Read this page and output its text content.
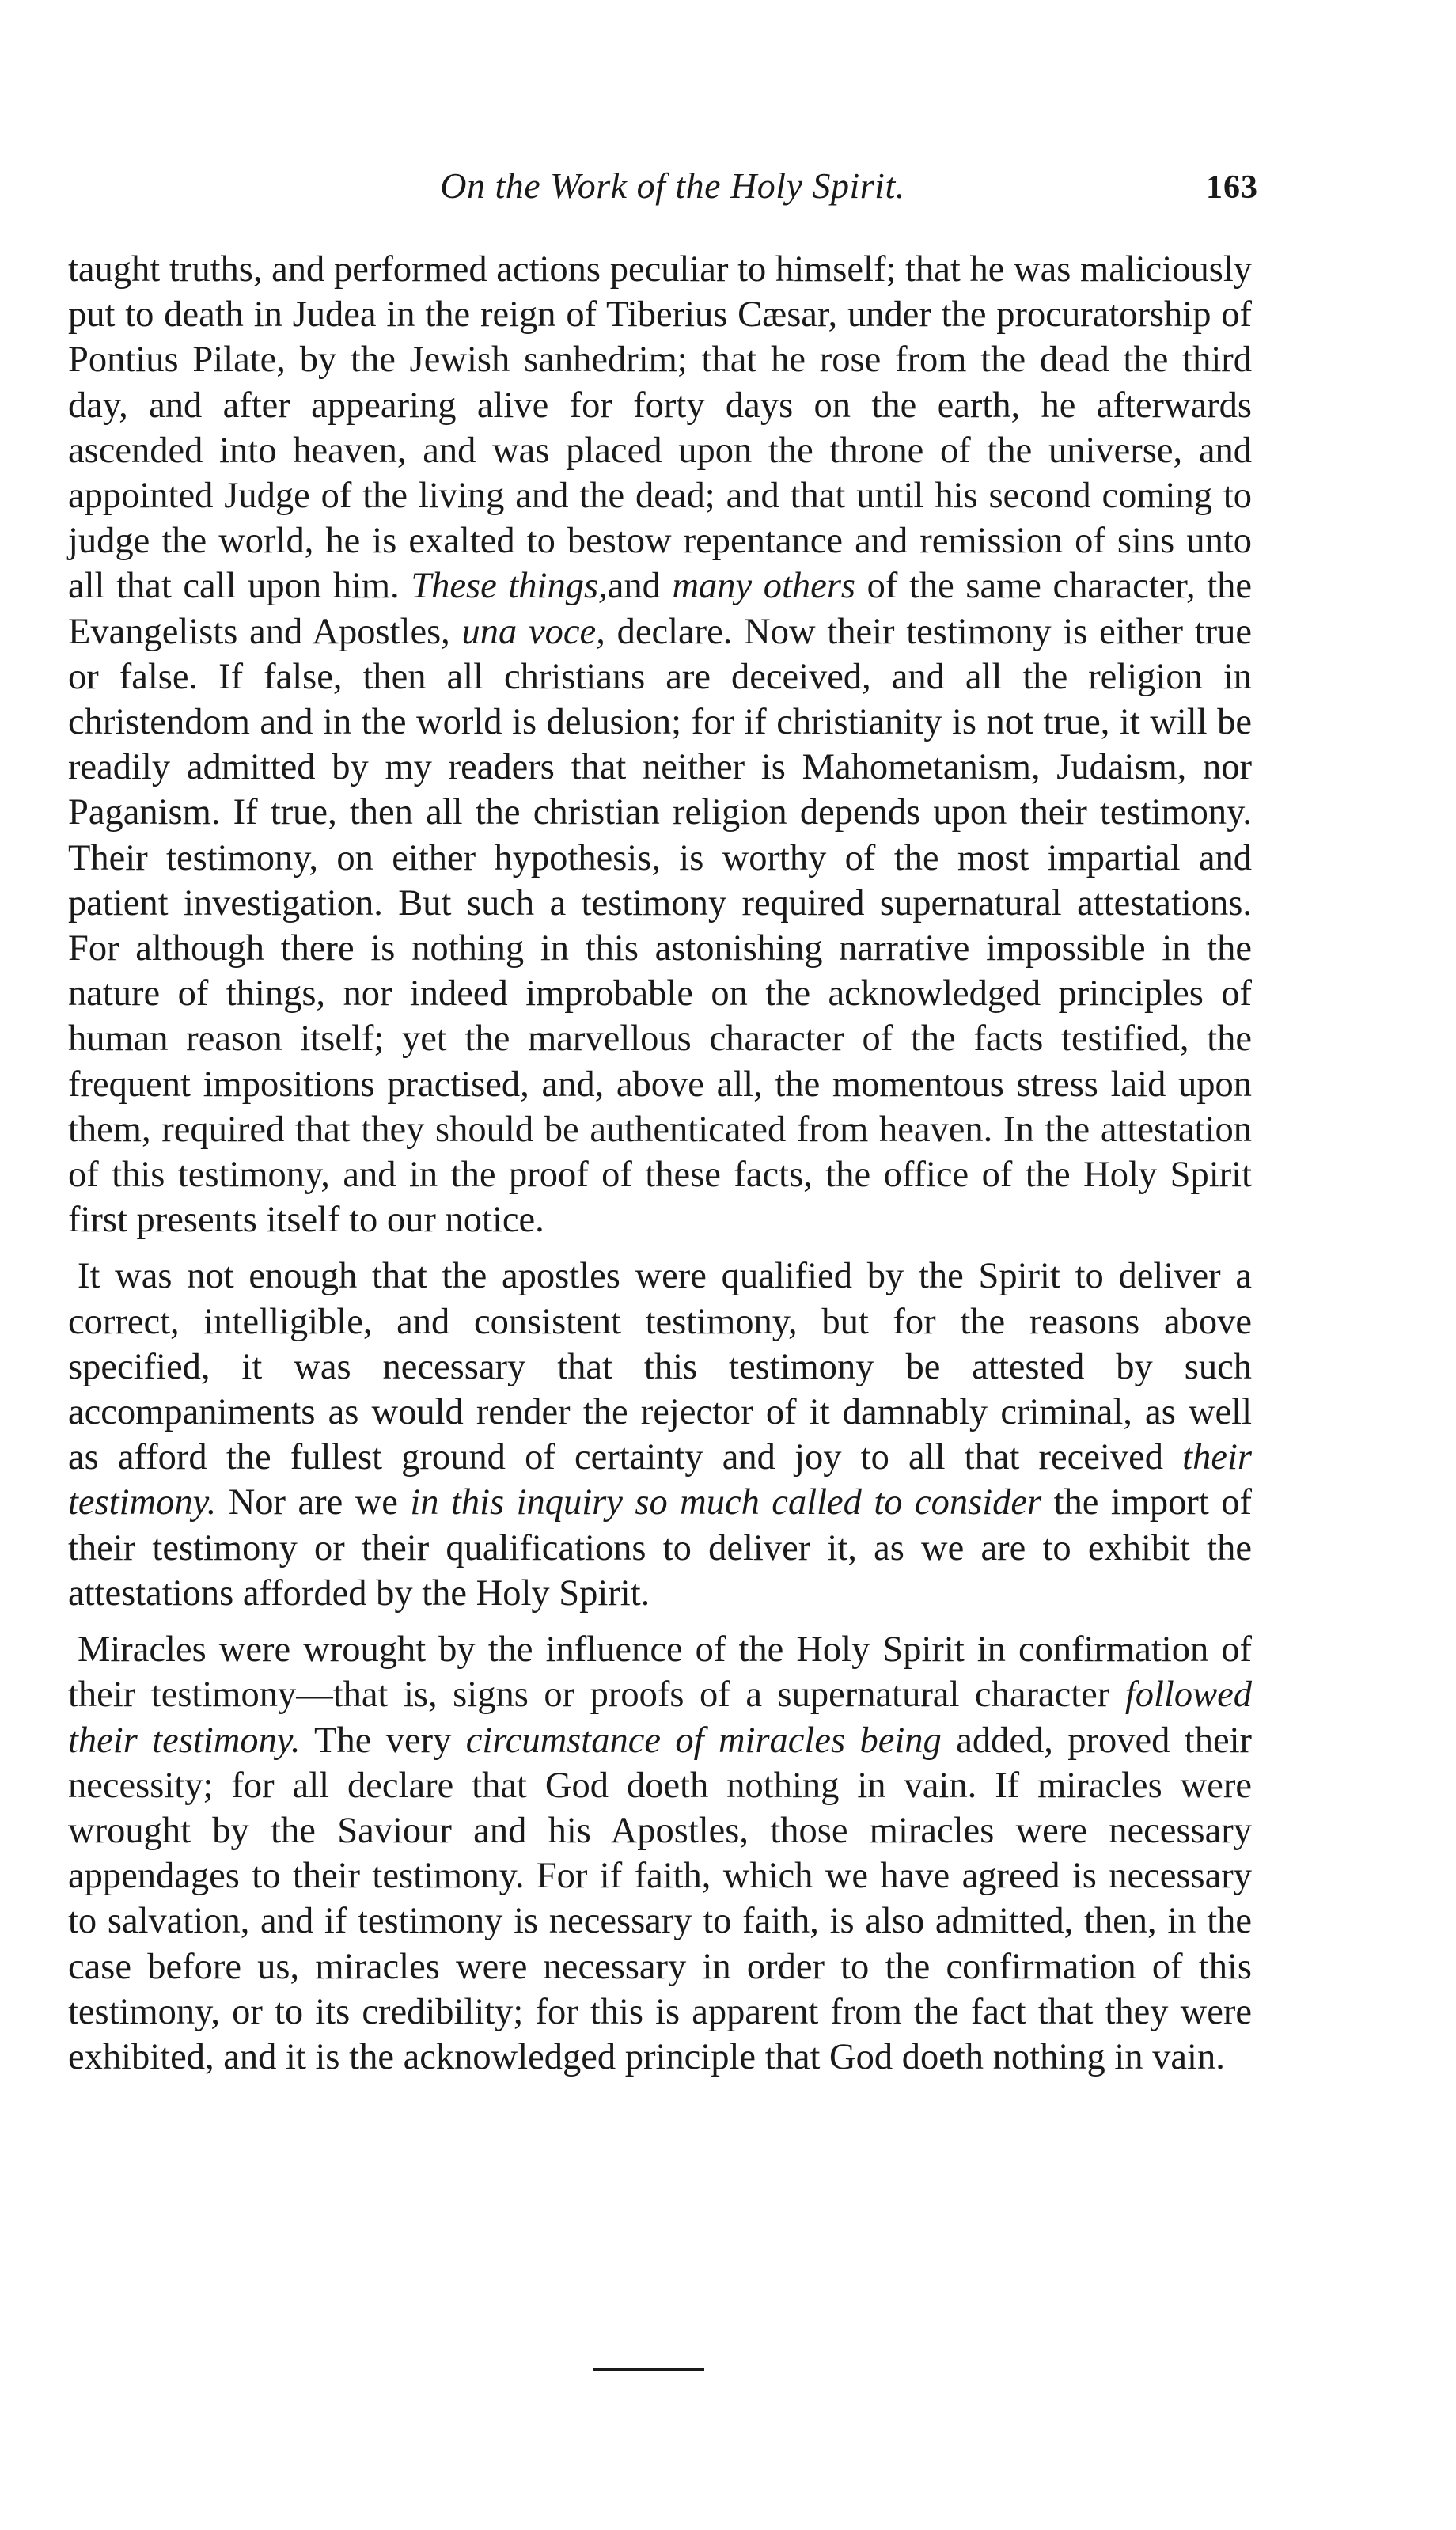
On the Work of the Holy Spirit.	163

taught truths, and performed actions peculiar to himself; that he was maliciously put to death in Judea in the reign of Tiberius Cæsar, under the procuratorship of Pontius Pilate, by the Jewish sanhedrim; that he rose from the dead the third day, and after appearing alive for forty days on the earth, he afterwards ascended into heaven, and was placed upon the throne of the universe, and appointed Judge of the living and the dead; and that until his second coming to judge the world, he is exalted to bestow repentance and remission of sins unto all that call upon him. These things,and many others of the same character, the Evangelists and Apostles, una voce, declare. Now their testimony is either true or false. If false, then all christians are deceived, and all the religion in christendom and in the world is delusion; for if christianity is not true, it will be readily admitted by my readers that neither is Mahometanism, Judaism, nor Paganism. If true, then all the christian religion depends upon their testimony. Their testimony, on either hypothesis, is worthy of the most impartial and patient investigation. But such a testimony required supernatural attestations. For although there is nothing in this astonishing narrative impossible in the nature of things, nor indeed improbable on the acknowledged principles of human reason itself; yet the marvellous character of the facts testified, the frequent impositions practised, and, above all, the momentous stress laid upon them, required that they should be authenticated from heaven. In the attestation of this testimony, and in the proof of these facts, the office of the Holy Spirit first presents itself to our notice.

It was not enough that the apostles were qualified by the Spirit to deliver a correct, intelligible, and consistent testimony, but for the reasons above specified, it was necessary that this testimony be attested by such accompaniments as would render the rejector of it damnably criminal, as well as afford the fullest ground of certainty and joy to all that received their testimony. Nor are we in this inquiry so much called to consider the import of their testimony or their qualifications to deliver it, as we are to exhibit the attestations afforded by the Holy Spirit.

Miracles were wrought by the influence of the Holy Spirit in confirmation of their testimony—that is, signs or proofs of a supernatural character followed their testimony. The very circumstance of miracles being added, proved their necessity; for all declare that God doeth nothing in vain. If miracles were wrought by the Saviour and his Apostles, those miracles were necessary appendages to their testimony. For if faith, which we have agreed is necessary to salvation, and if testimony is necessary to faith, is also admitted, then, in the case before us, miracles were necessary in order to the confirmation of this testimony, or to its credibility; for this is apparent from the fact that they were exhibited, and it is the acknowledged principle that God doeth nothing in vain.
